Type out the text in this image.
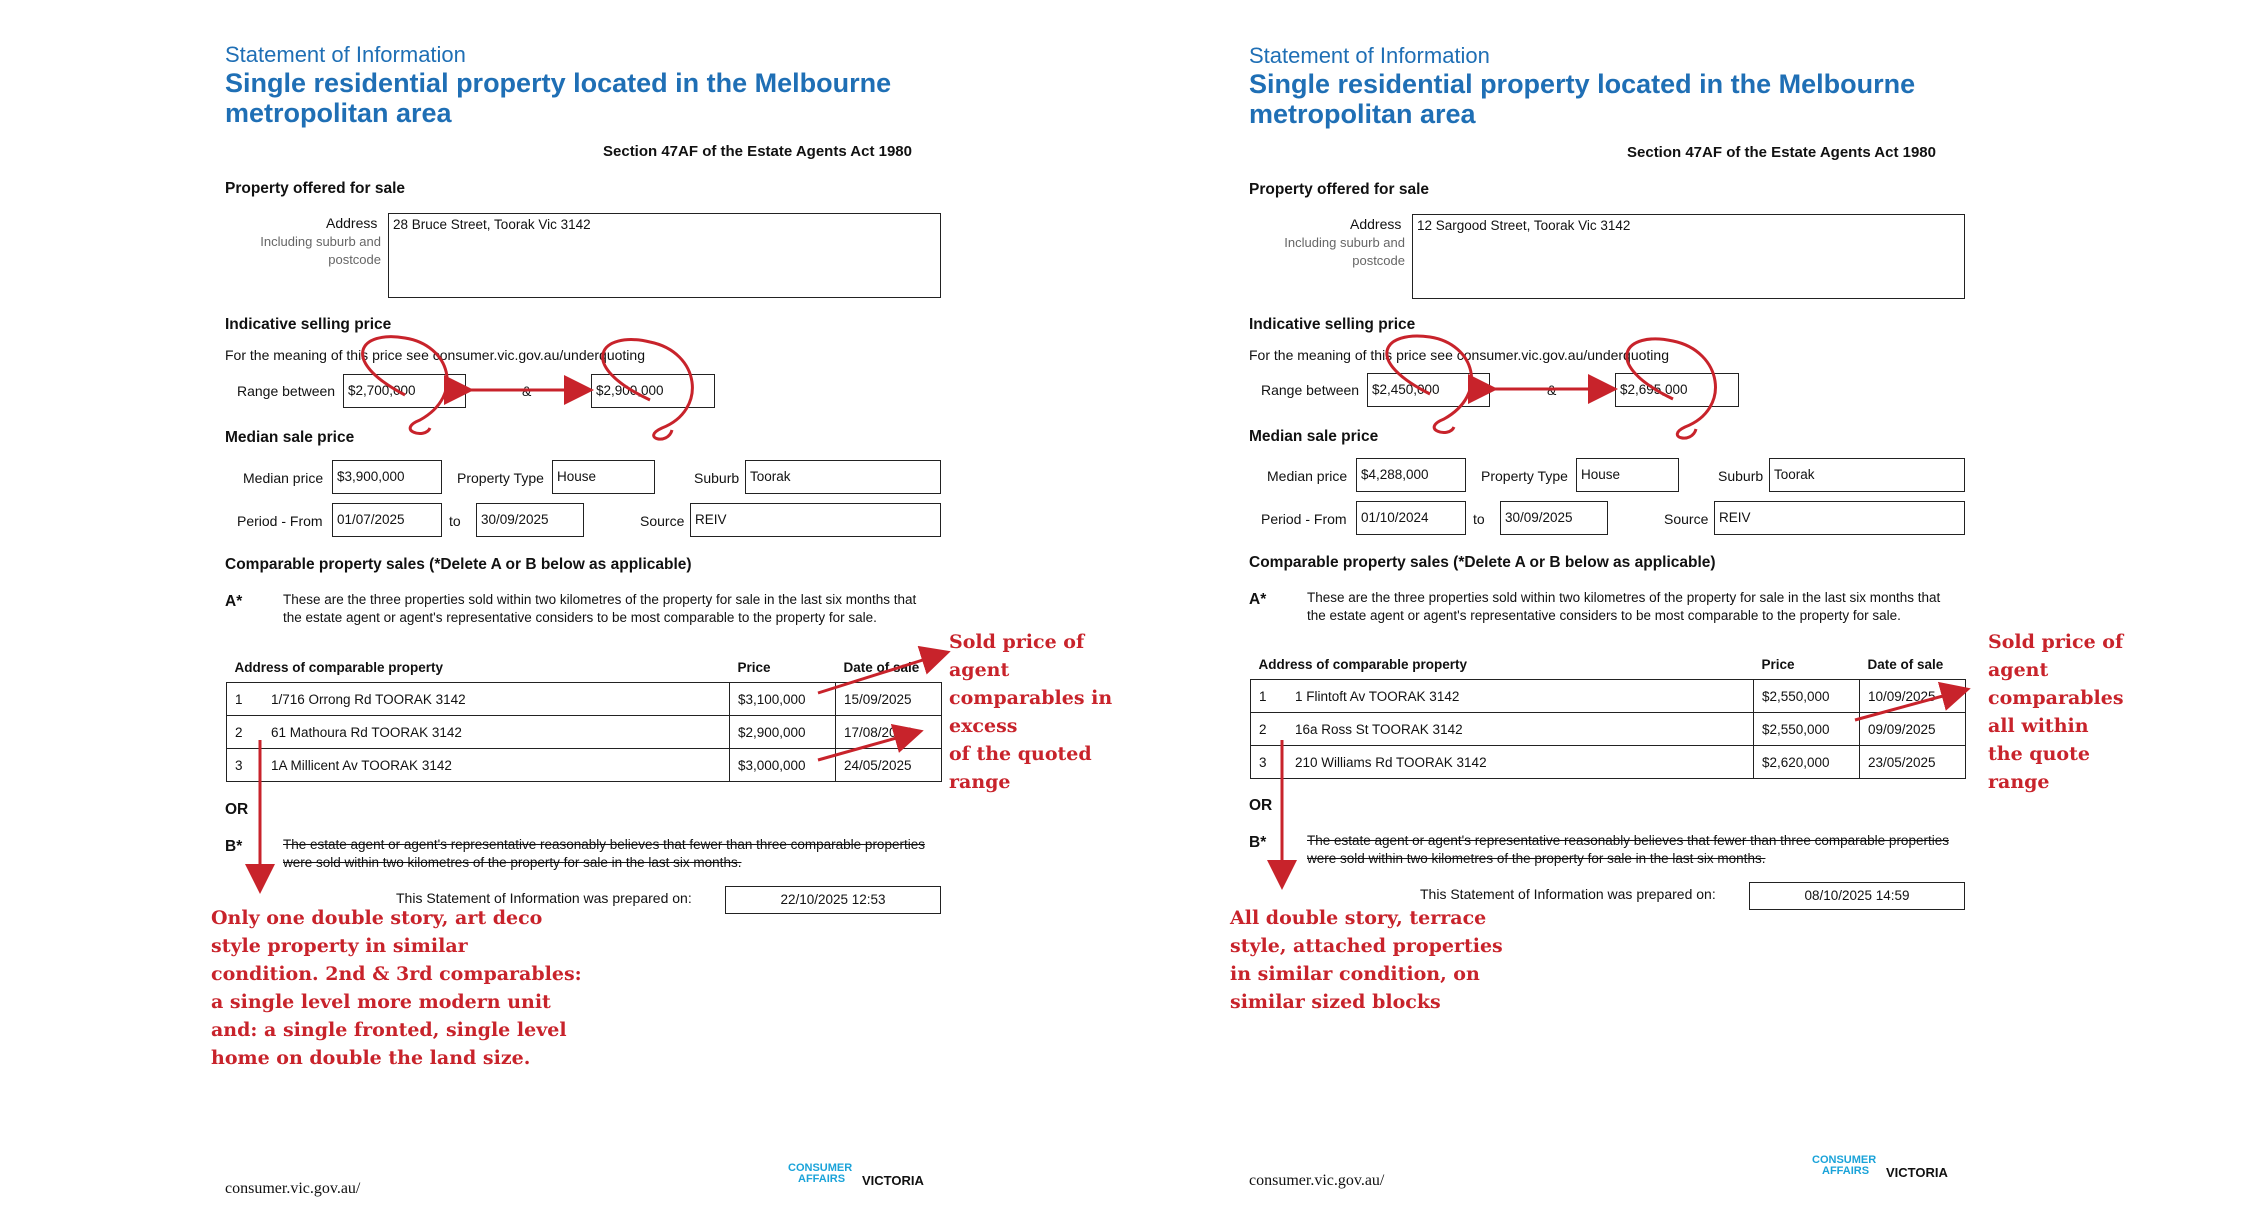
Statement of Information
Single residential property located in the Melbourne
metropolitan area
Section 47AF of the Estate Agents Act 1980
Property offered for sale
Address
Including suburb and
postcode
28 Bruce Street, Toorak Vic 3142
Indicative selling price
For the meaning of this price see consumer.vic.gov.au/underquoting
Range between $2,700,000	&	$2,900,000
Median sale price
Median price	$3,900,000	Property Type House	Suburb Toorak
Period - From	01/07/2025	to	30/09/2025	Source REIV
Comparable property sales (*Delete A or B below as applicable)
A*	These are the three properties sold within two kilometres of the property for sale in the last six months that the estate agent or agent's representative considers to be most comparable to the property for sale.
Address of comparable property		Price	Date of sale
1	1/716 Orrong Rd TOORAK 3142	$3,100,000	15/09/2025
2	61 Mathoura Rd TOORAK 3142	$2,900,000	17/08/2025
3	1A Millicent Av TOORAK 3142	$3,000,000	24/05/2025
OR
B*	The estate agent or agent's representative reasonably believes that fewer than three comparable properties were sold within two kilometres of the property for sale in the last six months.
This Statement of Information was prepared on:	22/10/2025 12:53
consumer.vic.gov.au/
CONSUMER
AFFAIRS	VICTORIA
Sold price of agent
comparables in excess
of the quoted range
Only one double story, art deco
style property in similar
condition. 2nd & 3rd comparables:
a single level more modern unit
and: a single fronted, single level
home on double the land size.
Statement of Information
Single residential property located in the Melbourne
metropolitan area
Section 47AF of the Estate Agents Act 1980
Property offered for sale
Address
Including suburb and
postcode
12 Sargood Street, Toorak Vic 3142
Indicative selling price
For the meaning of this price see consumer.vic.gov.au/underquoting
Range between $2,450,000	&	$2,695,000
Median sale price
Median price	$4,288,000	Property Type House	Suburb Toorak
Period - From	01/10/2024	to	30/09/2025	Source REIV
Comparable property sales (*Delete A or B below as applicable)
A*	These are the three properties sold within two kilometres of the property for sale in the last six months that the estate agent or agent's representative considers to be most comparable to the property for sale.
Address of comparable property		Price	Date of sale
1	1 Flintoft Av TOORAK 3142	$2,550,000	10/09/2025
2	16a Ross St TOORAK 3142	$2,550,000	09/09/2025
3	210 Williams Rd TOORAK 3142	$2,620,000	23/05/2025
OR
B*	The estate agent or agent's representative reasonably believes that fewer than three comparable properties were sold within two kilometres of the property for sale in the last six months.
This Statement of Information was prepared on:	08/10/2025 14:59
consumer.vic.gov.au/
CONSUMER
AFFAIRS	VICTORIA
Sold price of agent
comparables all within
the quote range
All double story, terrace
style, attached properties
in similar condition, on
similar sized blocks
